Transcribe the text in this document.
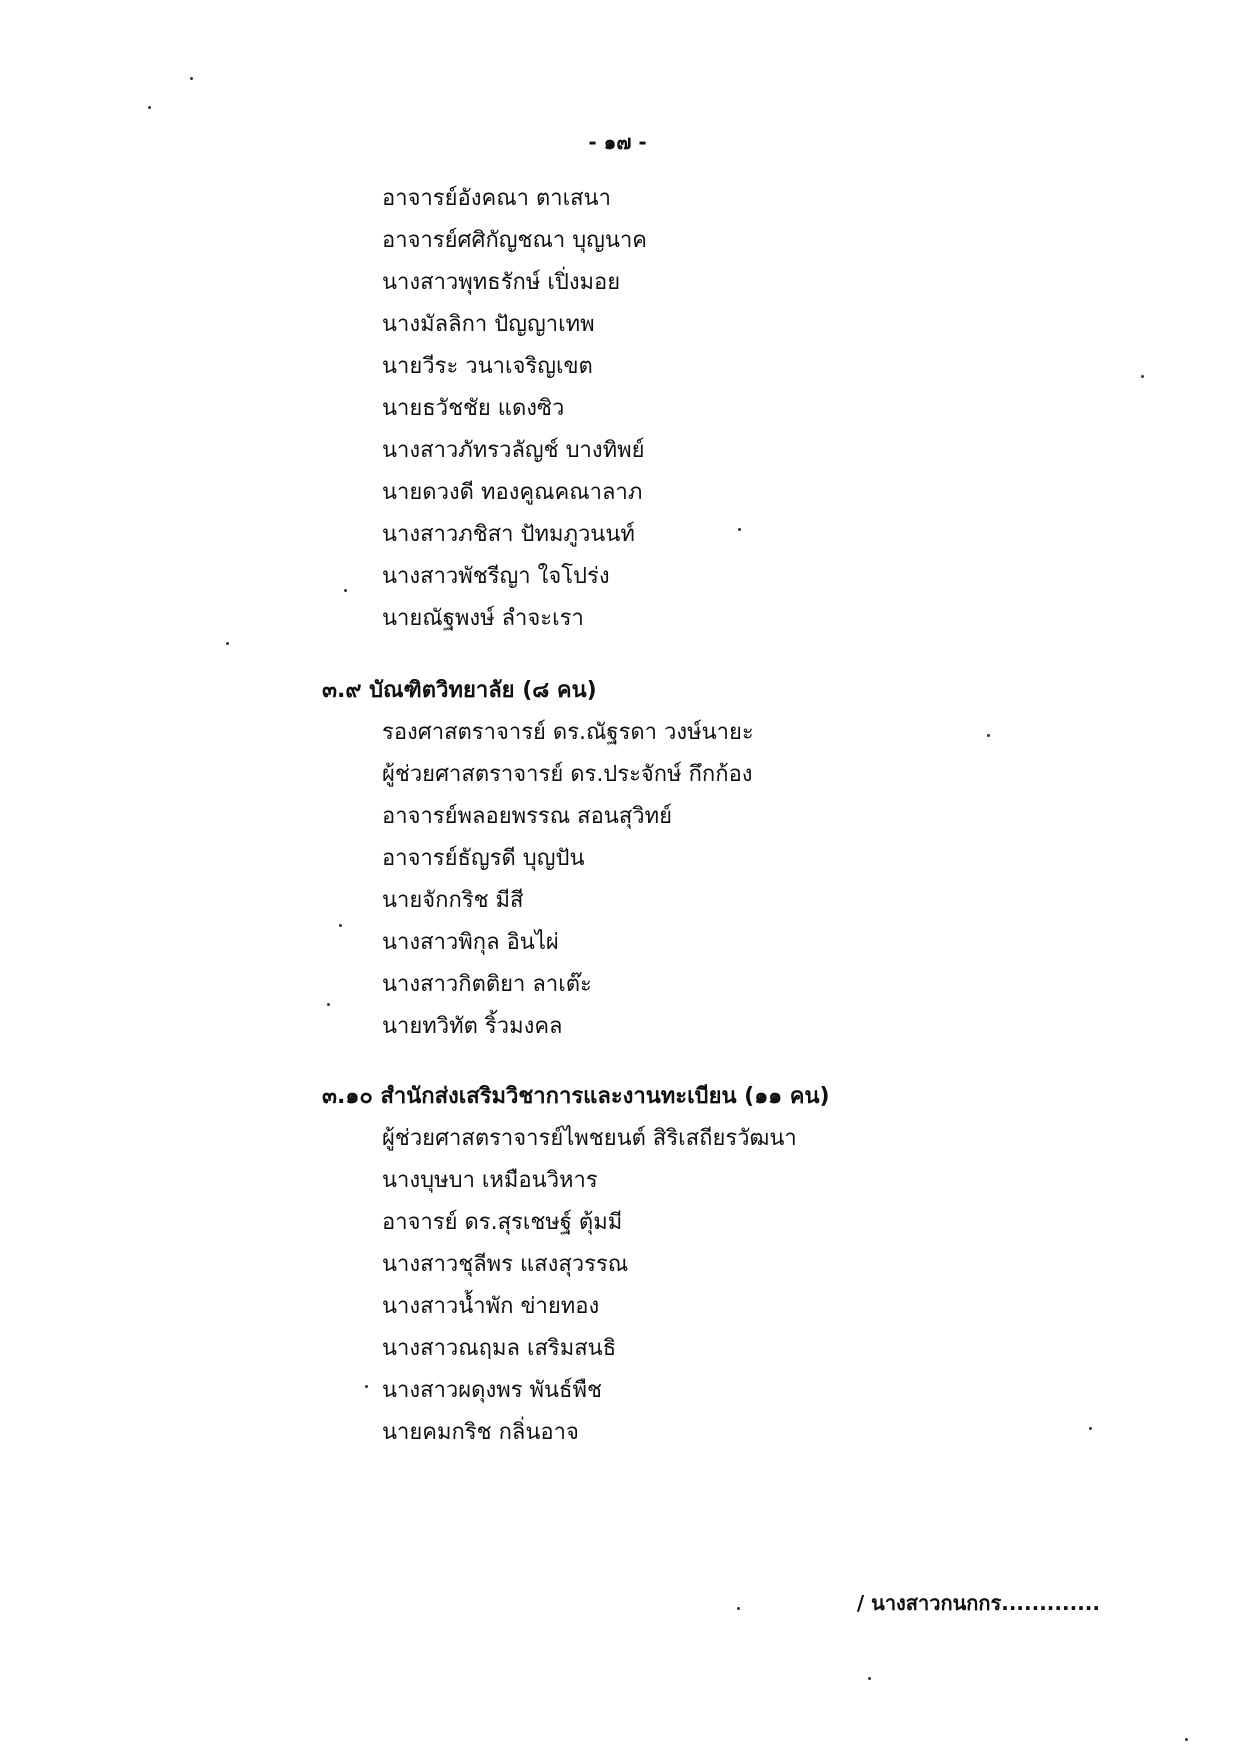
- ๑๗ -
อาจารย์อังคณา ตาเสนา
อาจารย์ศศิกัญชณา บุญนาค
นางสาวพุทธรักษ์ เปิ่งมอย
นางมัลลิกา ปัญญาเทพ
นายวีระ วนาเจริญเขต
นายธวัชชัย แดงซิว
นางสาวภัทรวลัญช์ บางทิพย์
นายดวงดี ทองคูณคณาลาภ
นางสาวภชิสา ปัทมภูวนนท์
นางสาวพัชรีญา ใจโปร่ง
นายณัฐพงษ์ ลำจะเรา
๓.๙ บัณฑิตวิทยาลัย (๘ คน)
รองศาสตราจารย์ ดร.ณัฐรดา วงษ์นายะ
ผู้ช่วยศาสตราจารย์ ดร.ประจักษ์ กึกก้อง
อาจารย์พลอยพรรณ สอนสุวิทย์
อาจารย์ธัญรดี บุญปัน
นายจักกริช มีสี
นางสาวพิกุล อินไผ่
นางสาวกิตติยา ลาเต๊ะ
นายทวิทัต ริ้วมงคล
๓.๑๐ สำนักส่งเสริมวิชาการและงานทะเบียน (๑๑ คน)
ผู้ช่วยศาสตราจารย์ไพชยนต์ สิริเสถียรวัฒนา
นางบุษบา เหมือนวิหาร
อาจารย์ ดร.สุรเชษฐ์ ตุ้มมี
นางสาวชุลีพร แสงสุวรรณ
นางสาวน้ำพัก ข่ายทอง
นางสาวณฤมล เสริมสนธิ
นางสาวผดุงพร พันธ์พืช
นายคมกริช กลิ่นอาจ
/ นางสาวกนกกร.............
